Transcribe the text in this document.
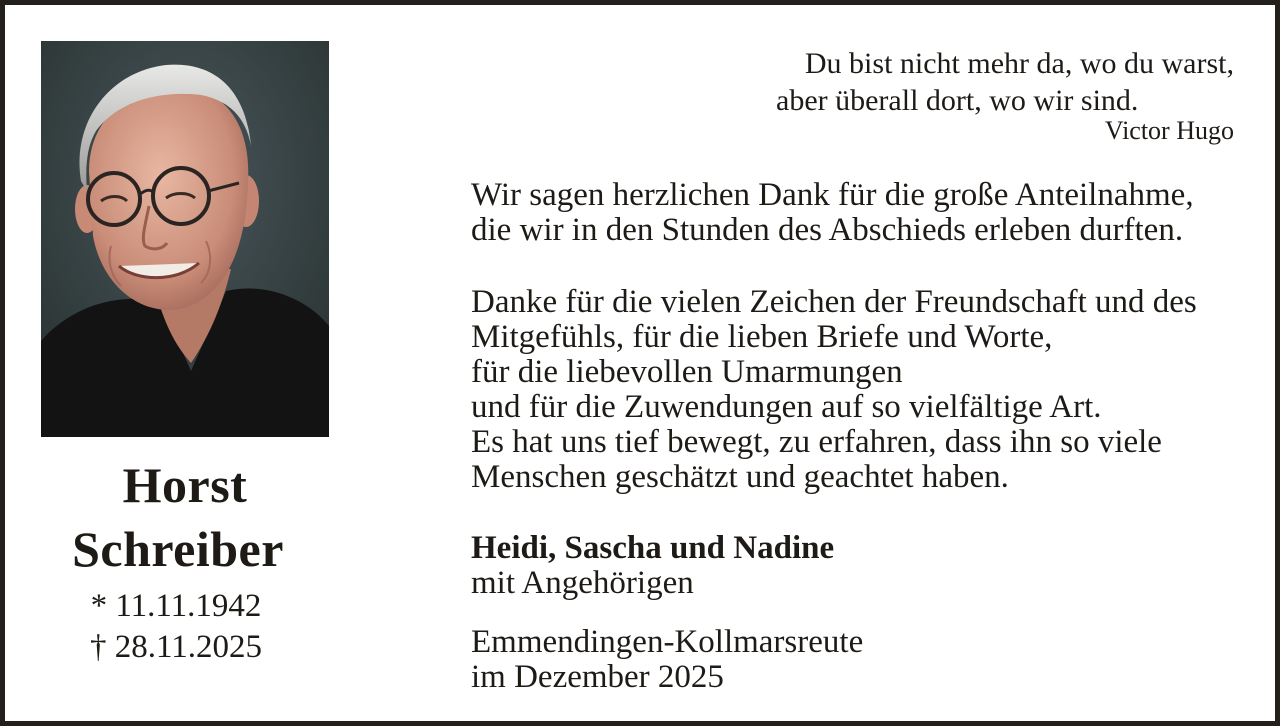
Horst
Schreiber
* 11.11.1942
† 28.11.2025
Du bist nicht mehr da, wo du warst,
aber überall dort, wo wir sind.
Victor Hugo
Wir sagen herzlichen Dank für die große Anteilnahme,
die wir in den Stunden des Abschieds erleben durften.
Danke für die vielen Zeichen der Freundschaft und des
Mitgefühls, für die lieben Briefe und Worte,
für die liebevollen Umarmungen
und für die Zuwendungen auf so vielfältige Art.
Es hat uns tief bewegt, zu erfahren, dass ihn so viele
Menschen geschätzt und geachtet haben.
Heidi, Sascha und Nadine
mit Angehörigen
Emmendingen-Kollmarsreute
im Dezember 2025
